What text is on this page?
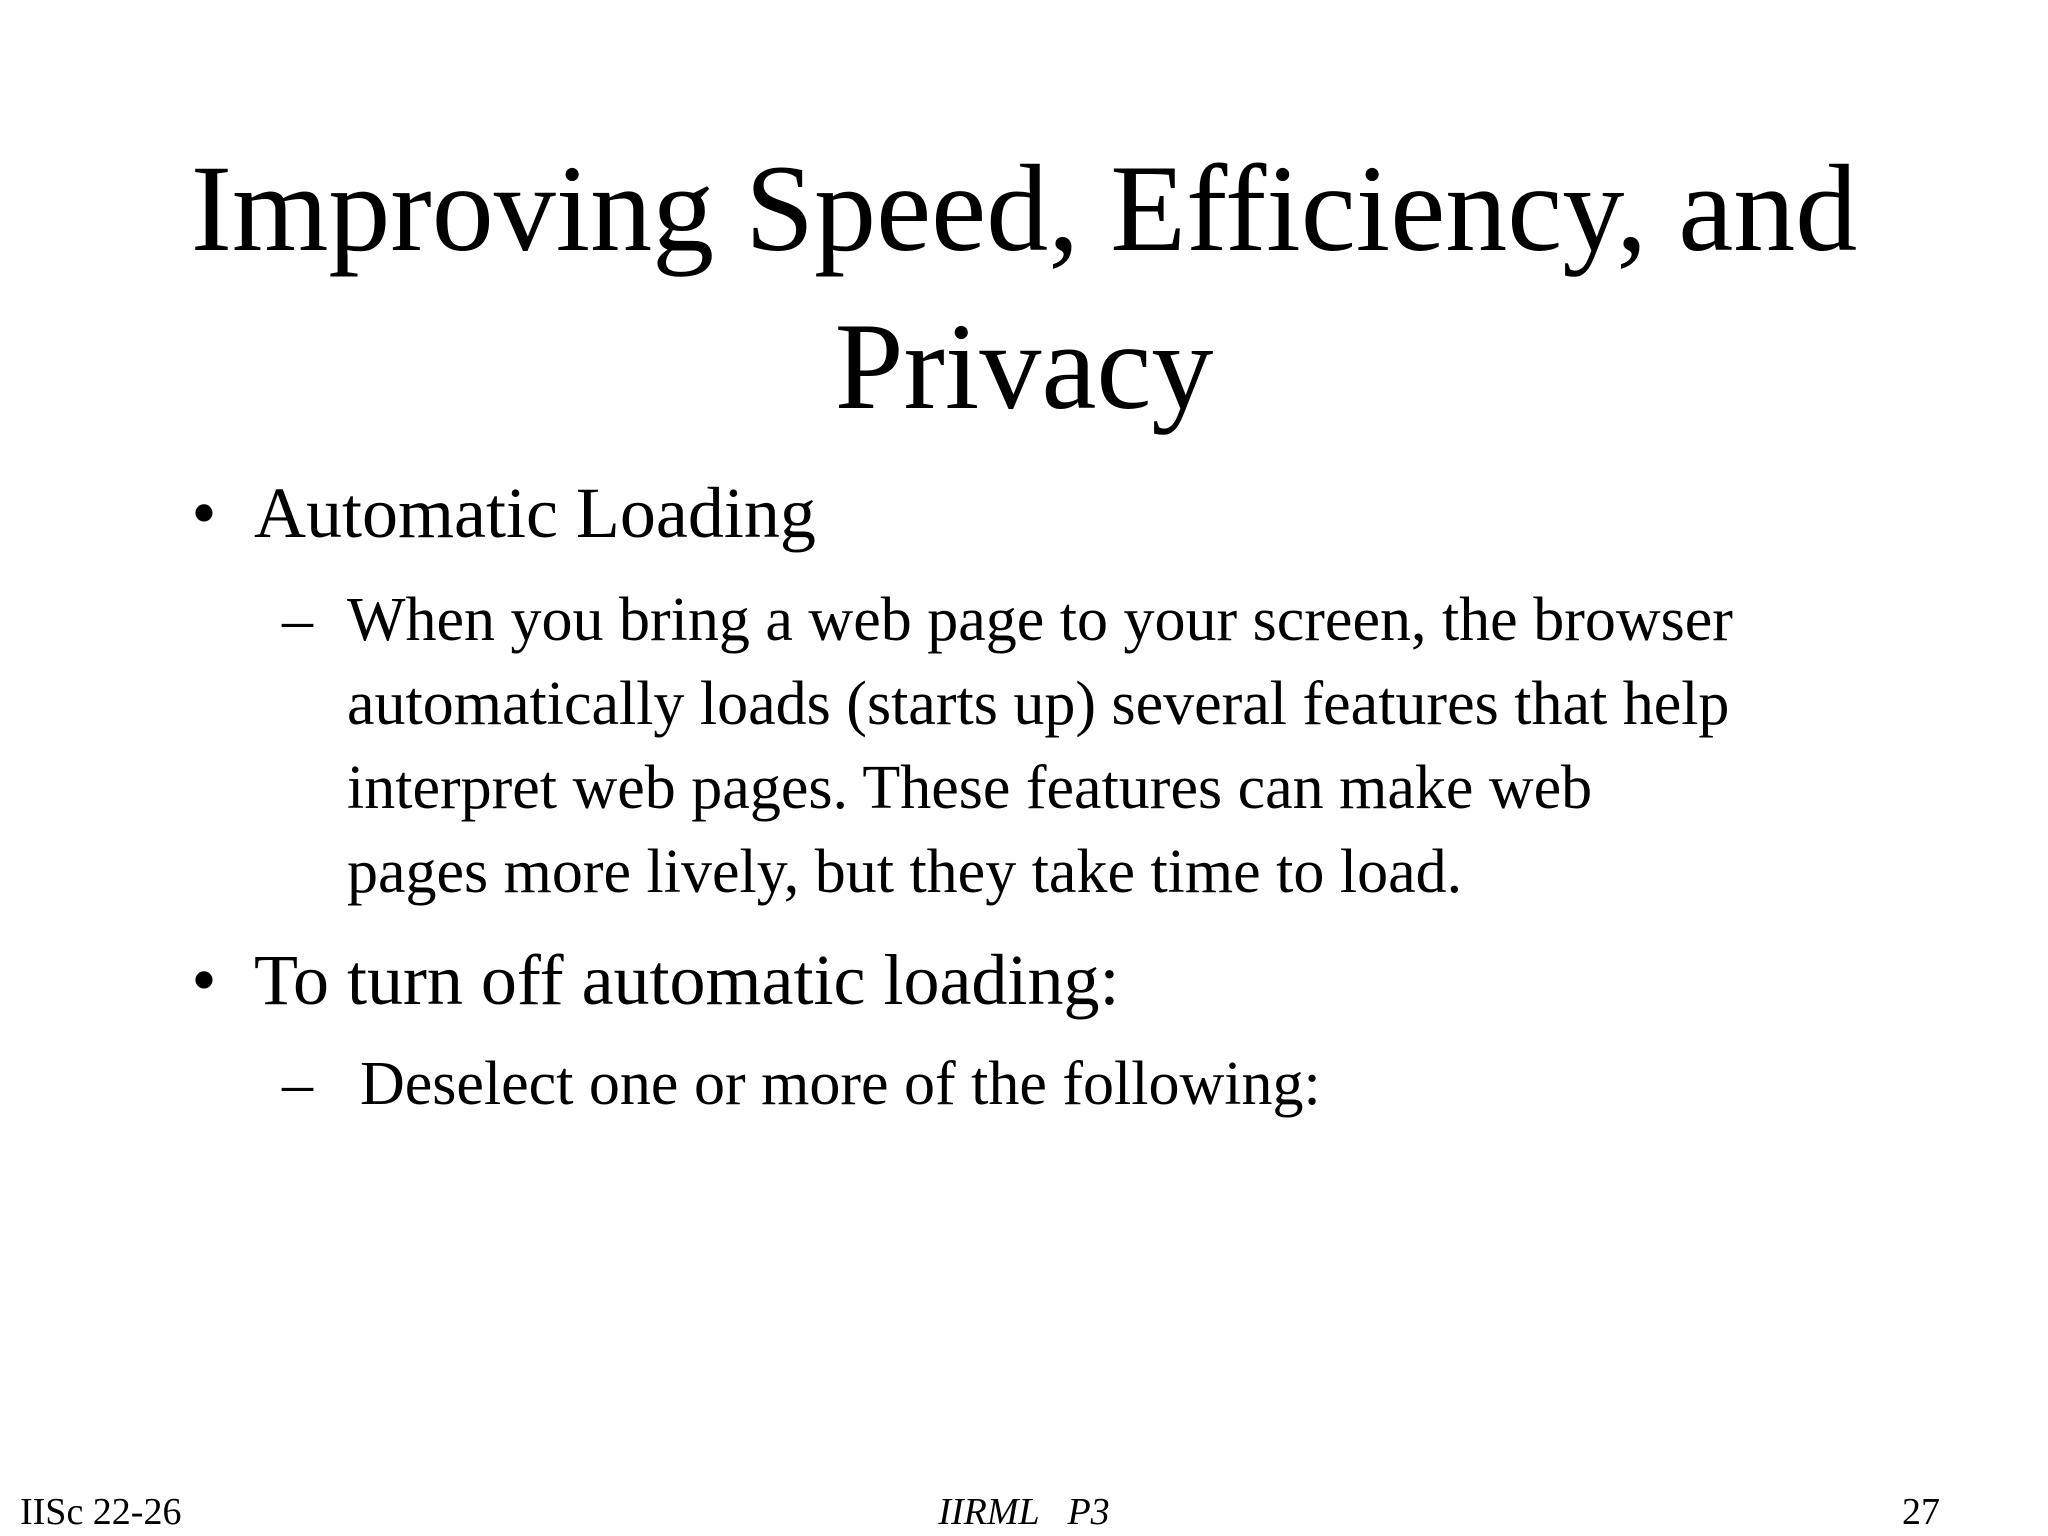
Improving Speed, Efficiency, and
Privacy
• Automatic Loading
– When you bring a web page to your screen, the browser
automatically loads (starts up) several features that help
interpret web pages. These features can make web
pages more lively, but they take time to load.
• To turn off automatic loading:
– Deselect one or more of the following:
IISc 22-26	IIRML   P3	27
